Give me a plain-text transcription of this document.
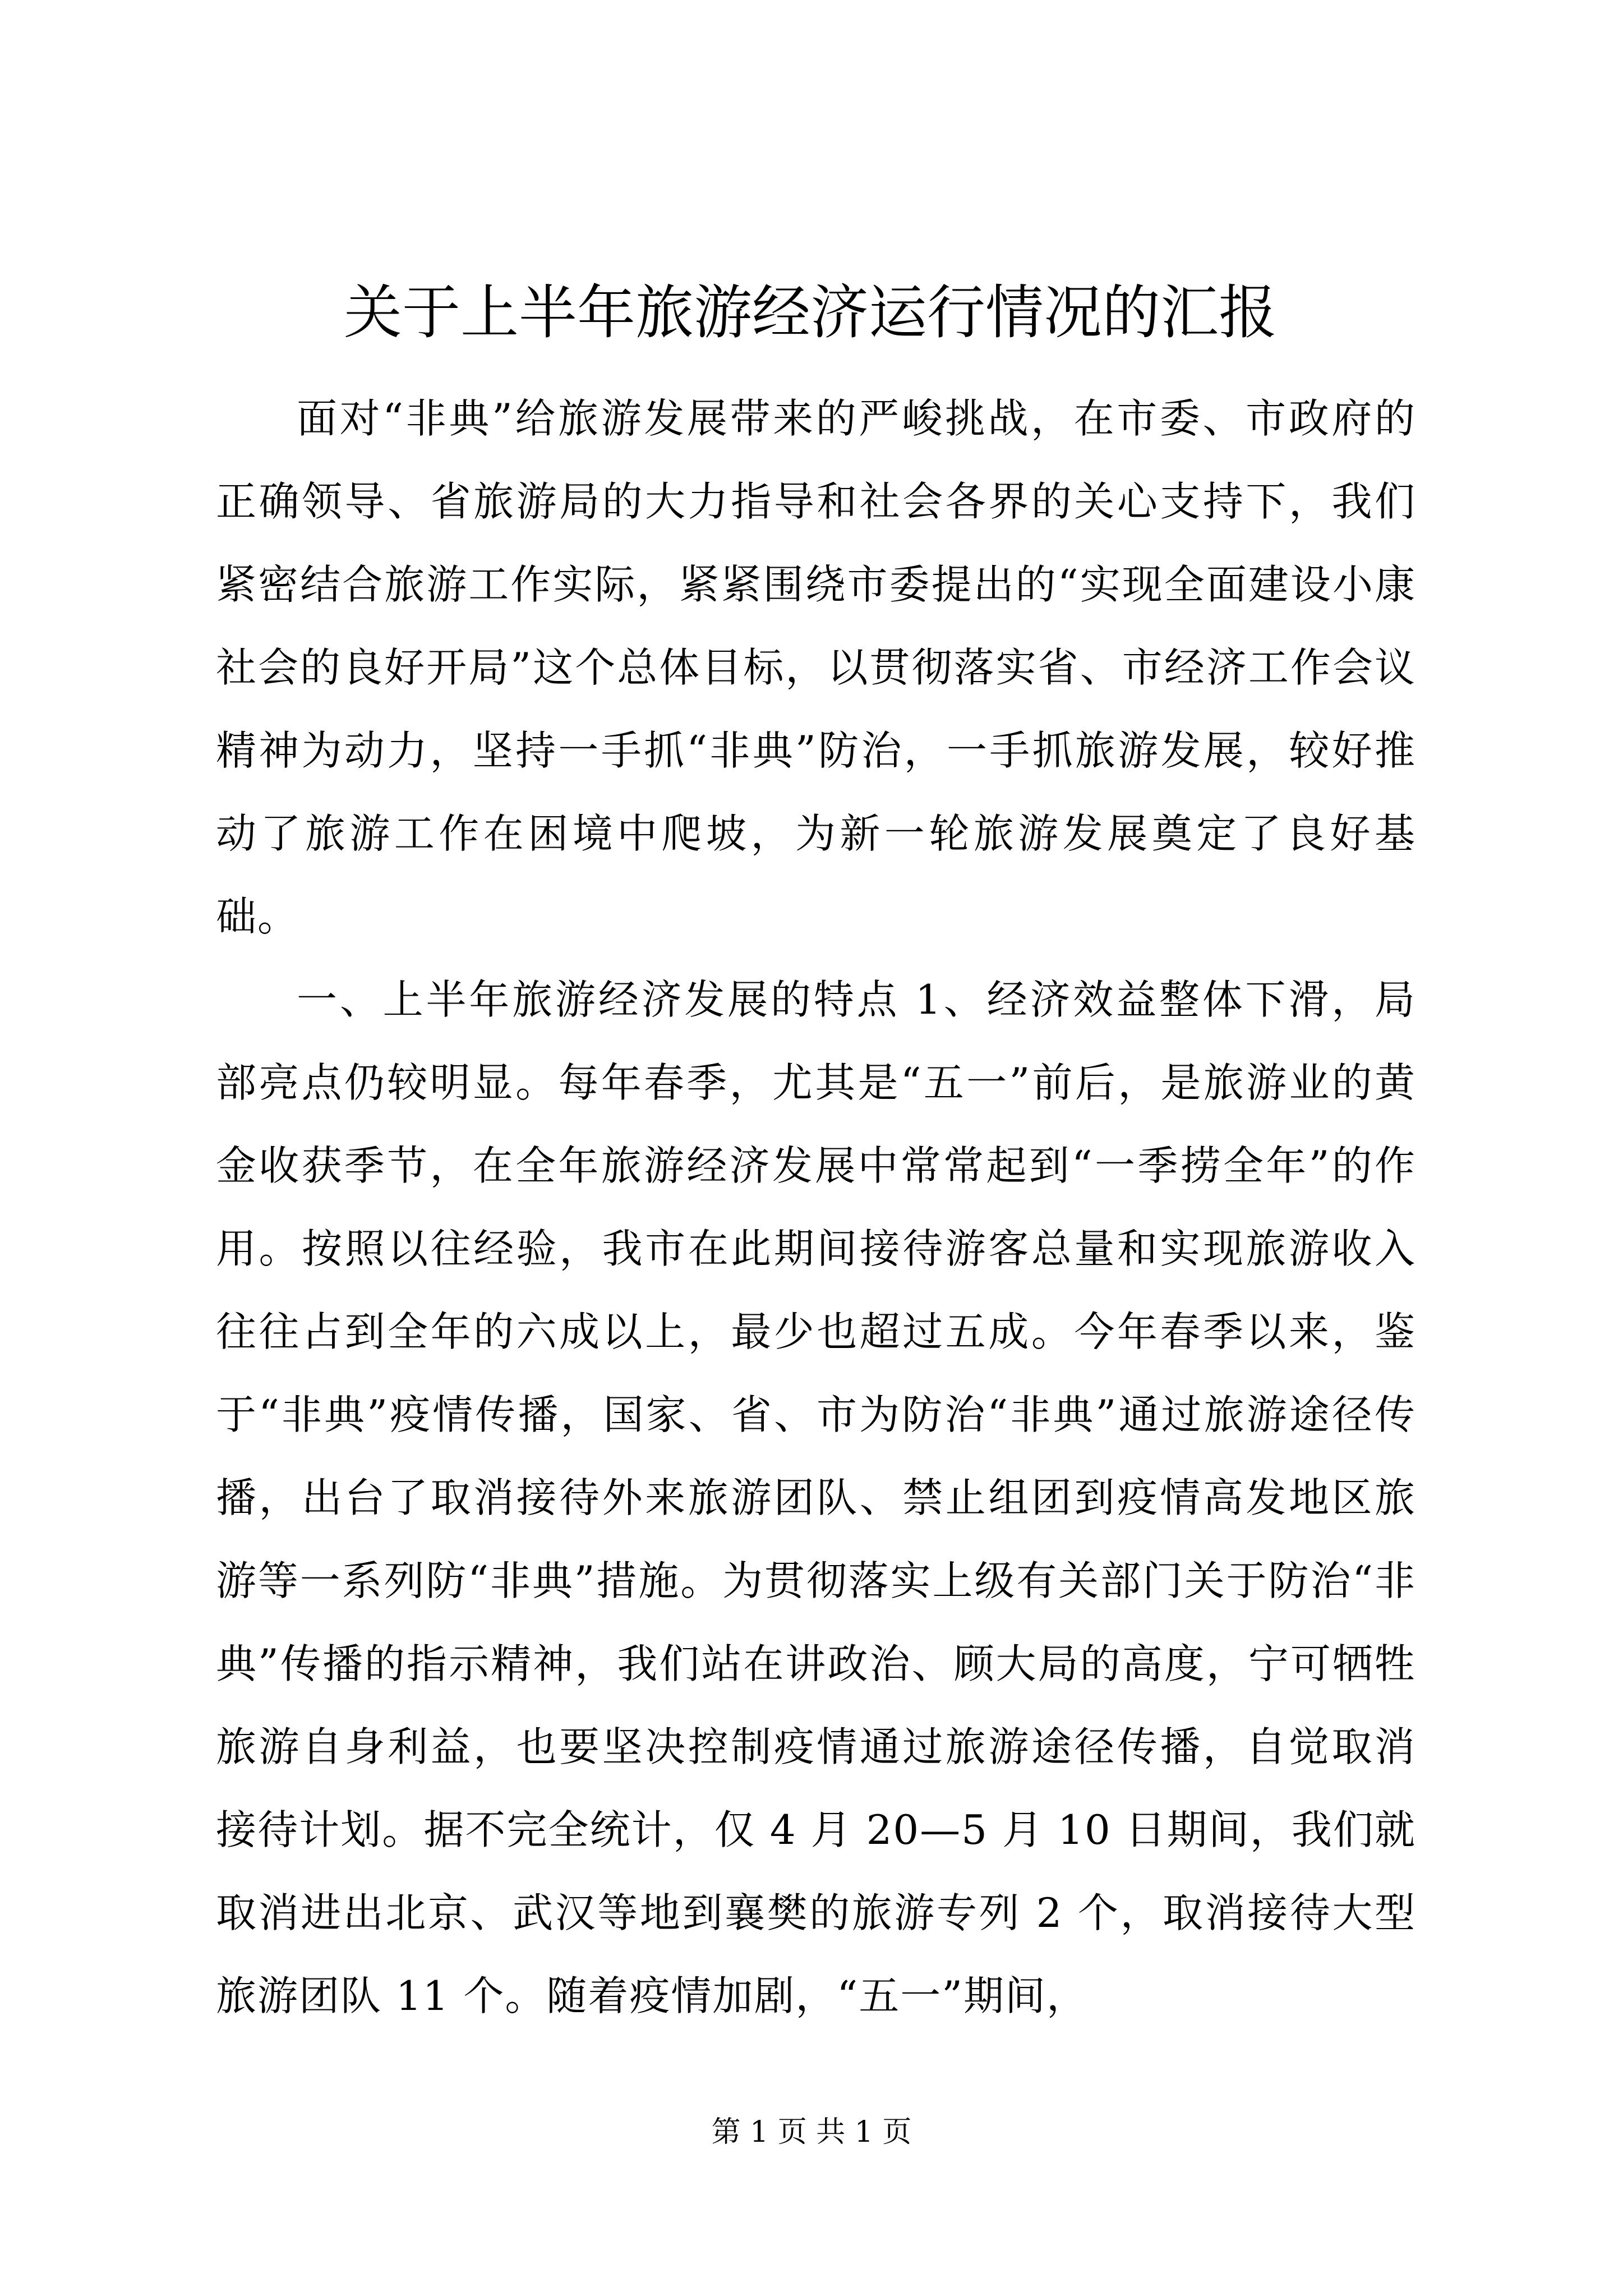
关于上半年旅游经济运行情况的汇报

面对“非典”给旅游发展带来的严峻挑战，在市委、市政府的正确领导、省旅游局的大力指导和社会各界的关心支持下，我们紧密结合旅游工作实际，紧紧围绕市委提出的“实现全面建设小康社会的良好开局”这个总体目标，以贯彻落实省、市经济工作会议精神为动力，坚持一手抓“非典”防治，一手抓旅游发展，较好推动了旅游工作在困境中爬坡，为新一轮旅游发展奠定了良好基础。

一、上半年旅游经济发展的特点 1、经济效益整体下滑，局部亮点仍较明显。每年春季，尤其是“五一”前后，是旅游业的黄金收获季节，在全年旅游经济发展中常常起到“一季捞全年”的作用。按照以往经验，我市在此期间接待游客总量和实现旅游收入往往占到全年的六成以上，最少也超过五成。今年春季以来，鉴于“非典”疫情传播，国家、省、市为防治“非典”通过旅游途径传播，出台了取消接待外来旅游团队、禁止组团到疫情高发地区旅游等一系列防“非典”措施。为贯彻落实上级有关部门关于防治“非典”传播的指示精神，我们站在讲政治、顾大局的高度，宁可牺牲旅游自身利益，也要坚决控制疫情通过旅游途径传播，自觉取消接待计划。据不完全统计，仅 4 月 20—5 月 10 日期间，我们就取消进出北京、武汉等地到襄樊的旅游专列 2 个，取消接待大型旅游团队 11 个。随着疫情加剧，“五一”期间，

第 1 页 共 1 页
